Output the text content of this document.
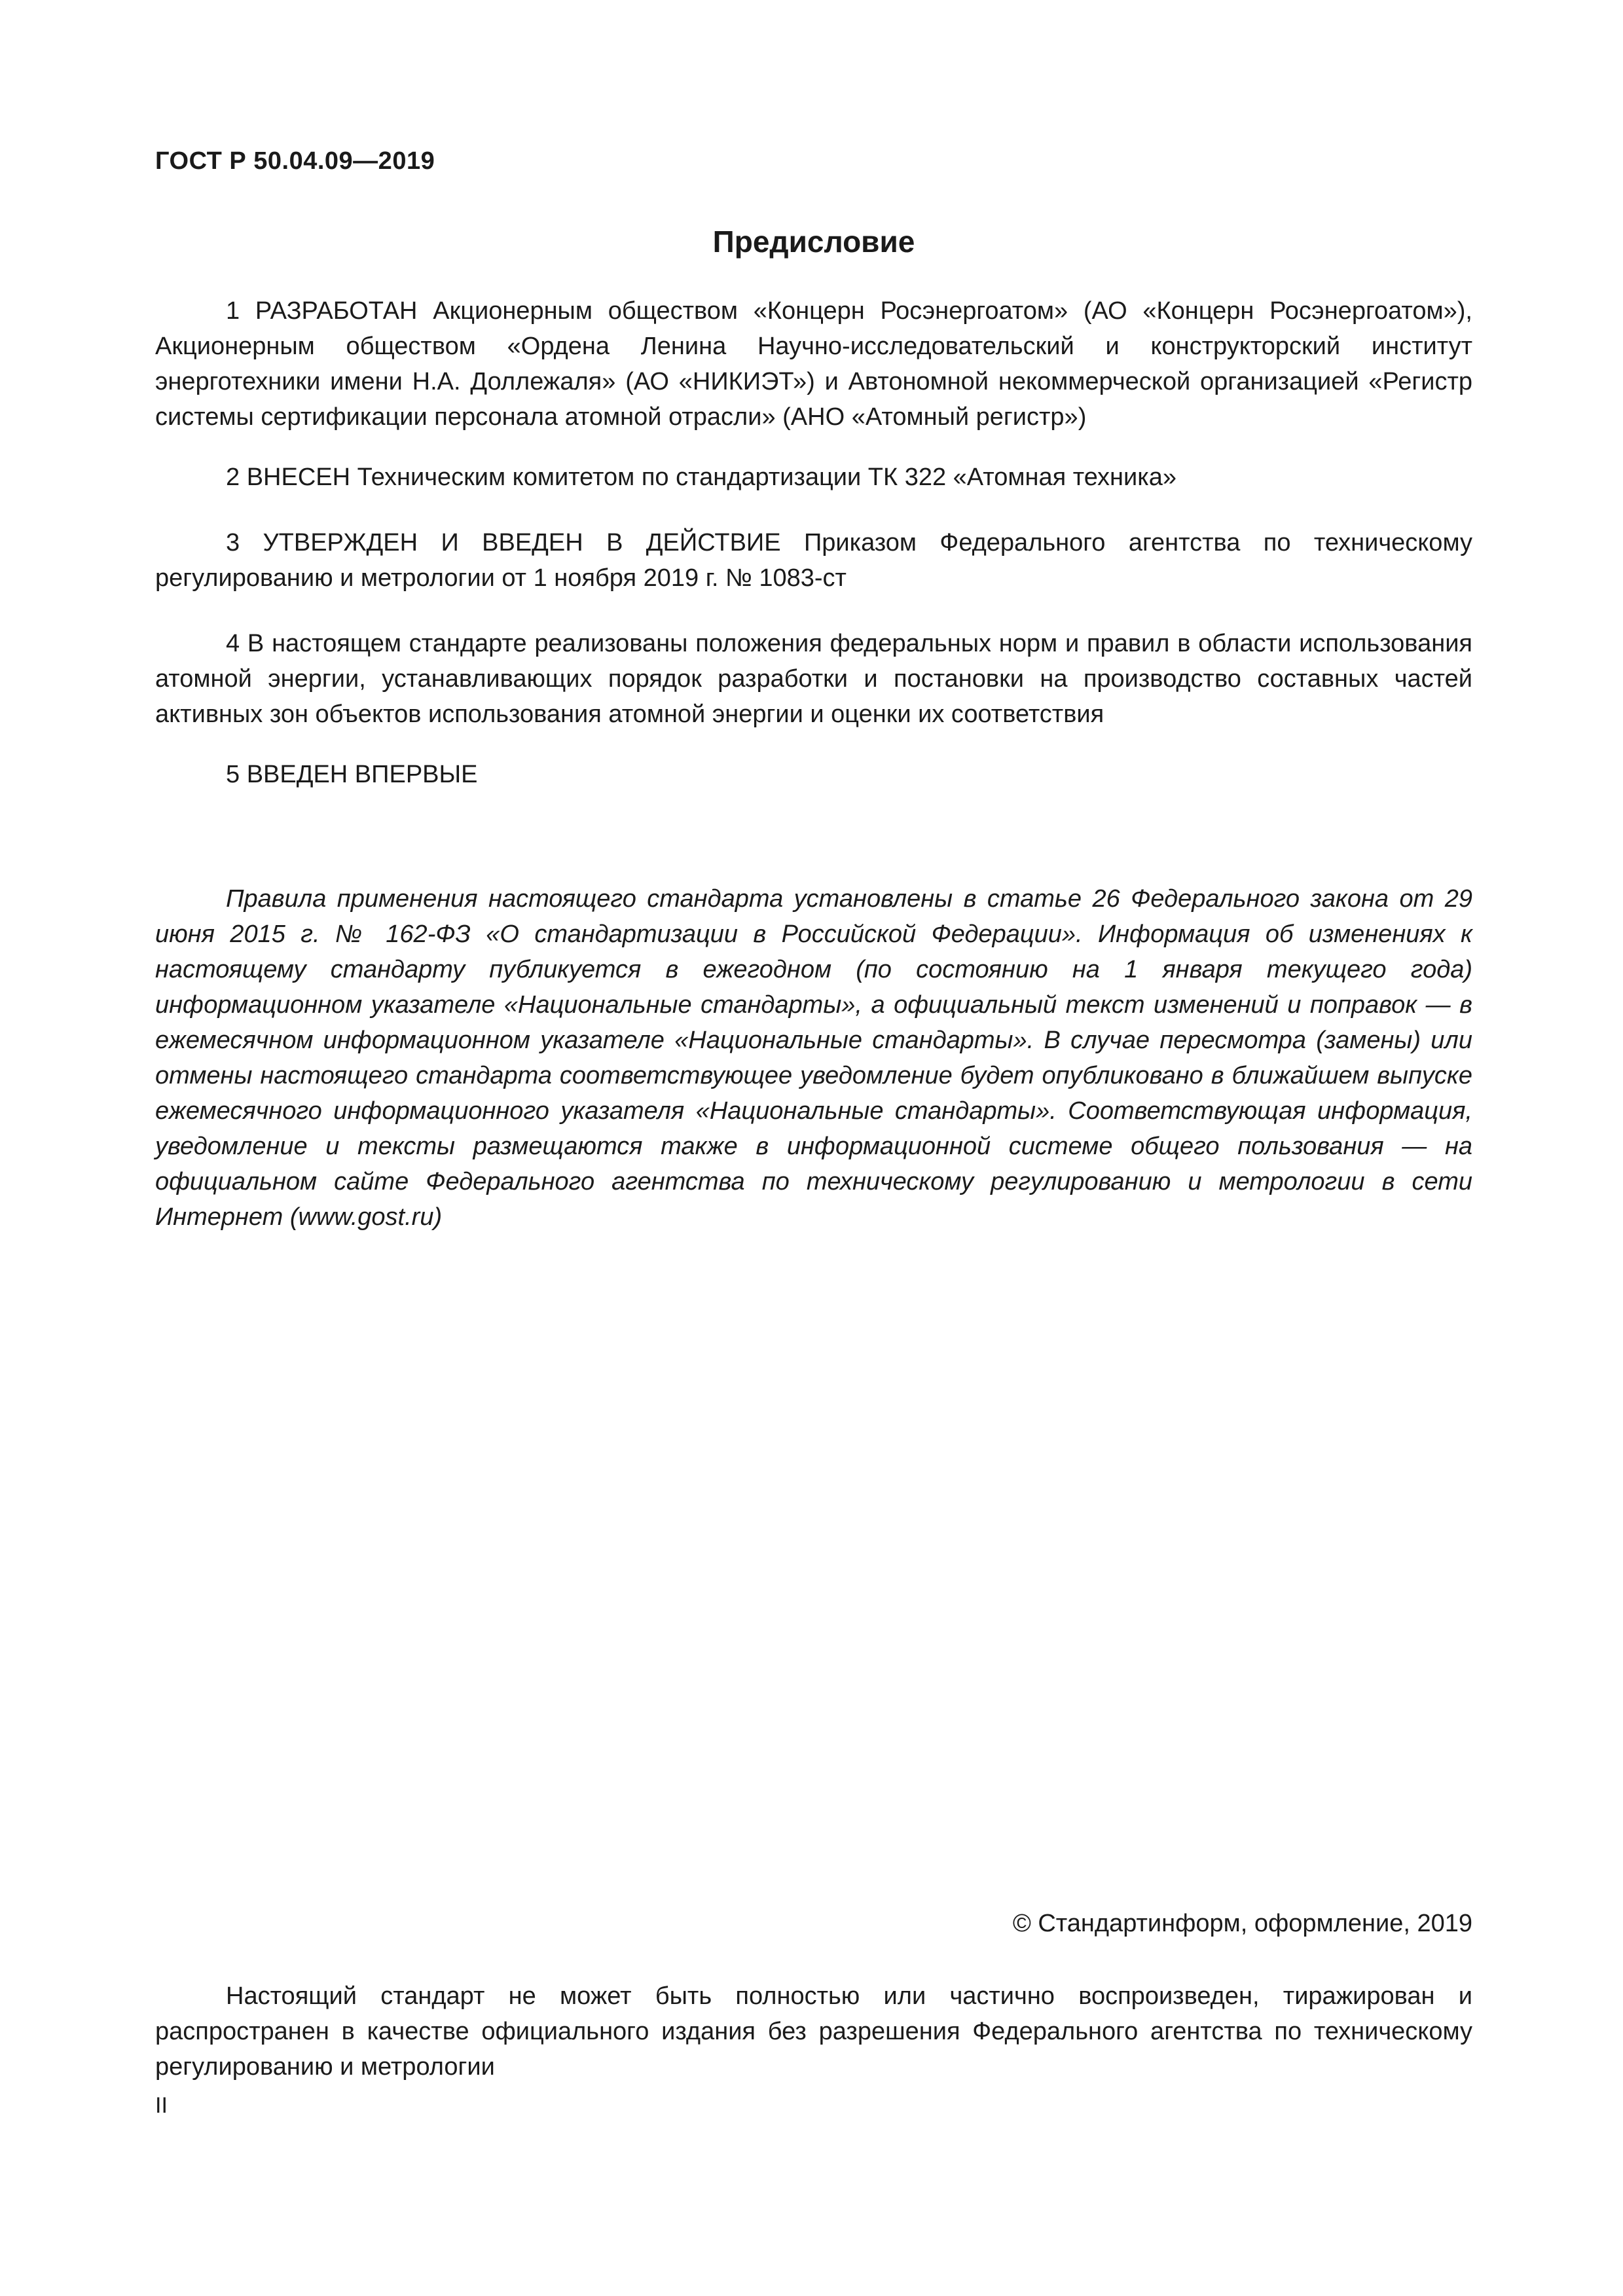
ГОСТ Р 50.04.09—2019
Предисловие

1 РАЗРАБОТАН Акционерным обществом «Концерн Росэнергоатом» (АО «Концерн Росэнергоатом»), Акционерным обществом «Ордена Ленина Научно-исследовательский и конструкторский институт энерготехники имени Н.А. Доллежаля» (АО «НИКИЭТ») и Автономной некоммерческой организацией «Регистр системы сертификации персонала атомной отрасли» (АНО «Атомный регистр»)

2 ВНЕСЕН Техническим комитетом по стандартизации ТК 322 «Атомная техника»

3 УТВЕРЖДЕН И ВВЕДЕН В ДЕЙСТВИЕ Приказом Федерального агентства по техническому регулированию и метрологии от 1 ноября 2019 г. № 1083-ст

4 В настоящем стандарте реализованы положения федеральных норм и правил в области использования атомной энергии, устанавливающих порядок разработки и постановки на производство составных частей активных зон объектов использования атомной энергии и оценки их соответствия

5 ВВЕДЕН ВПЕРВЫЕ

Правила применения настоящего стандарта установлены в статье 26 Федерального закона от 29 июня 2015 г. № 162-ФЗ «О стандартизации в Российской Федерации». Информация об изменениях к настоящему стандарту публикуется в ежегодном (по состоянию на 1 января текущего года) информационном указателе «Национальные стандарты», а официальный текст изменений и поправок — в ежемесячном информационном указателе «Национальные стандарты». В случае пересмотра (замены) или отмены настоящего стандарта соответствующее уведомление будет опубликовано в ближайшем выпуске ежемесячного информационного указателя «Национальные стандарты». Соответствующая информация, уведомление и тексты размещаются также в информационной системе общего пользования — на официальном сайте Федерального агентства по техническому регулированию и метрологии в сети Интернет (www.gost.ru)

© Стандартинформ, оформление, 2019

Настоящий стандарт не может быть полностью или частично воспроизведен, тиражирован и распространен в качестве официального издания без разрешения Федерального агентства по техническому регулированию и метрологии

II
